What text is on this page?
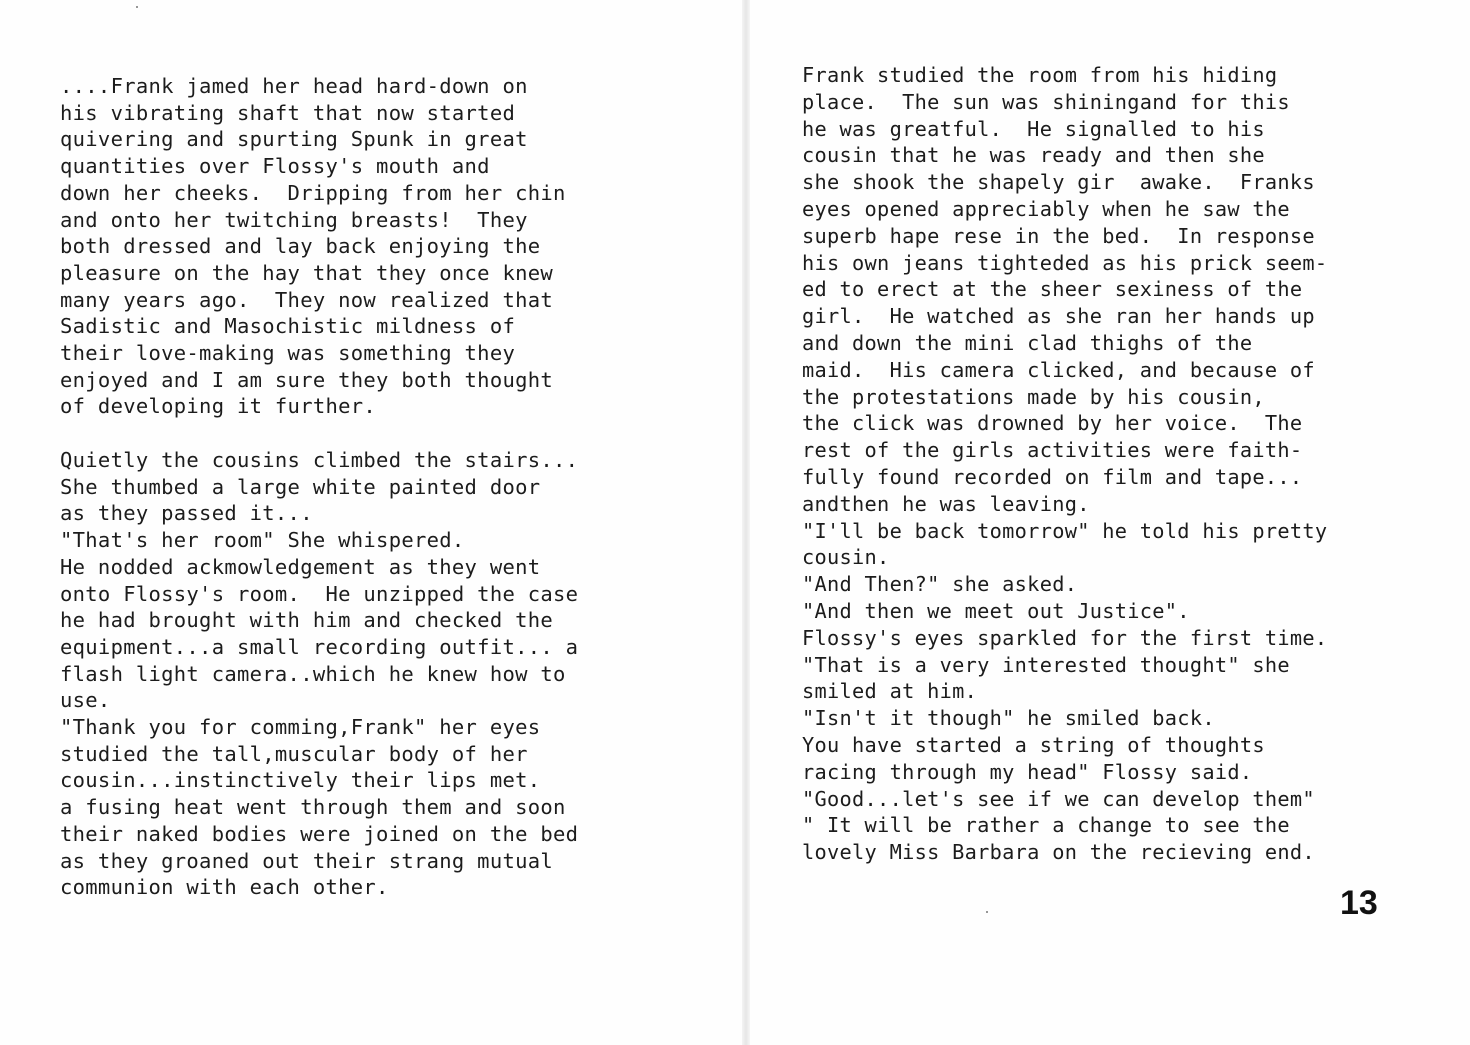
....Frank jamed her head hard-down on
his vibrating shaft that now started
quivering and spurting Spunk in great
quantities over Flossy's mouth and
down her cheeks.  Dripping from her chin
and onto her twitching breasts!  They
both dressed and lay back enjoying the
pleasure on the hay that they once knew
many years ago.  They now realized that
Sadistic and Masochistic mildness of
their love-making was something they
enjoyed and I am sure they both thought
of developing it further.

Quietly the cousins climbed the stairs...
She thumbed a large white painted door
as they passed it...
"That's her room" She whispered.
He nodded ackmowledgement as they went
onto Flossy's room.  He unzipped the case
he had brought with him and checked the
equipment...a small recording outfit... a
flash light camera..which he knew how to
use.
"Thank you for comming,Frank" her eyes
studied the tall,muscular body of her
cousin...instinctively their lips met.
a fusing heat went through them and soon
their naked bodies were joined on the bed
as they groaned out their strang mutual
communion with each other.

Frank studied the room from his hiding
place.  The sun was shiningand for this
he was greatful.  He signalled to his
cousin that he was ready and then she
she shook the shapely gir  awake.  Franks
eyes opened appreciably when he saw the
superb hape rese in the bed.  In response
his own jeans tighteded as his prick seem-
ed to erect at the sheer sexiness of the
girl.  He watched as she ran her hands up
and down the mini clad thighs of the
maid.  His camera clicked, and because of
the protestations made by his cousin,
the click was drowned by her voice.  The
rest of the girls activities were faith-
fully found recorded on film and tape...
andthen he was leaving.
"I'll be back tomorrow" he told his pretty
cousin.
"And Then?" she asked.
"And then we meet out Justice".
Flossy's eyes sparkled for the first time.
"That is a very interested thought" she
smiled at him.
"Isn't it though" he smiled back.
You have started a string of thoughts
racing through my head" Flossy said.
"Good...let's see if we can develop them"
" It will be rather a change to see the
lovely Miss Barbara on the recieving end.

13
